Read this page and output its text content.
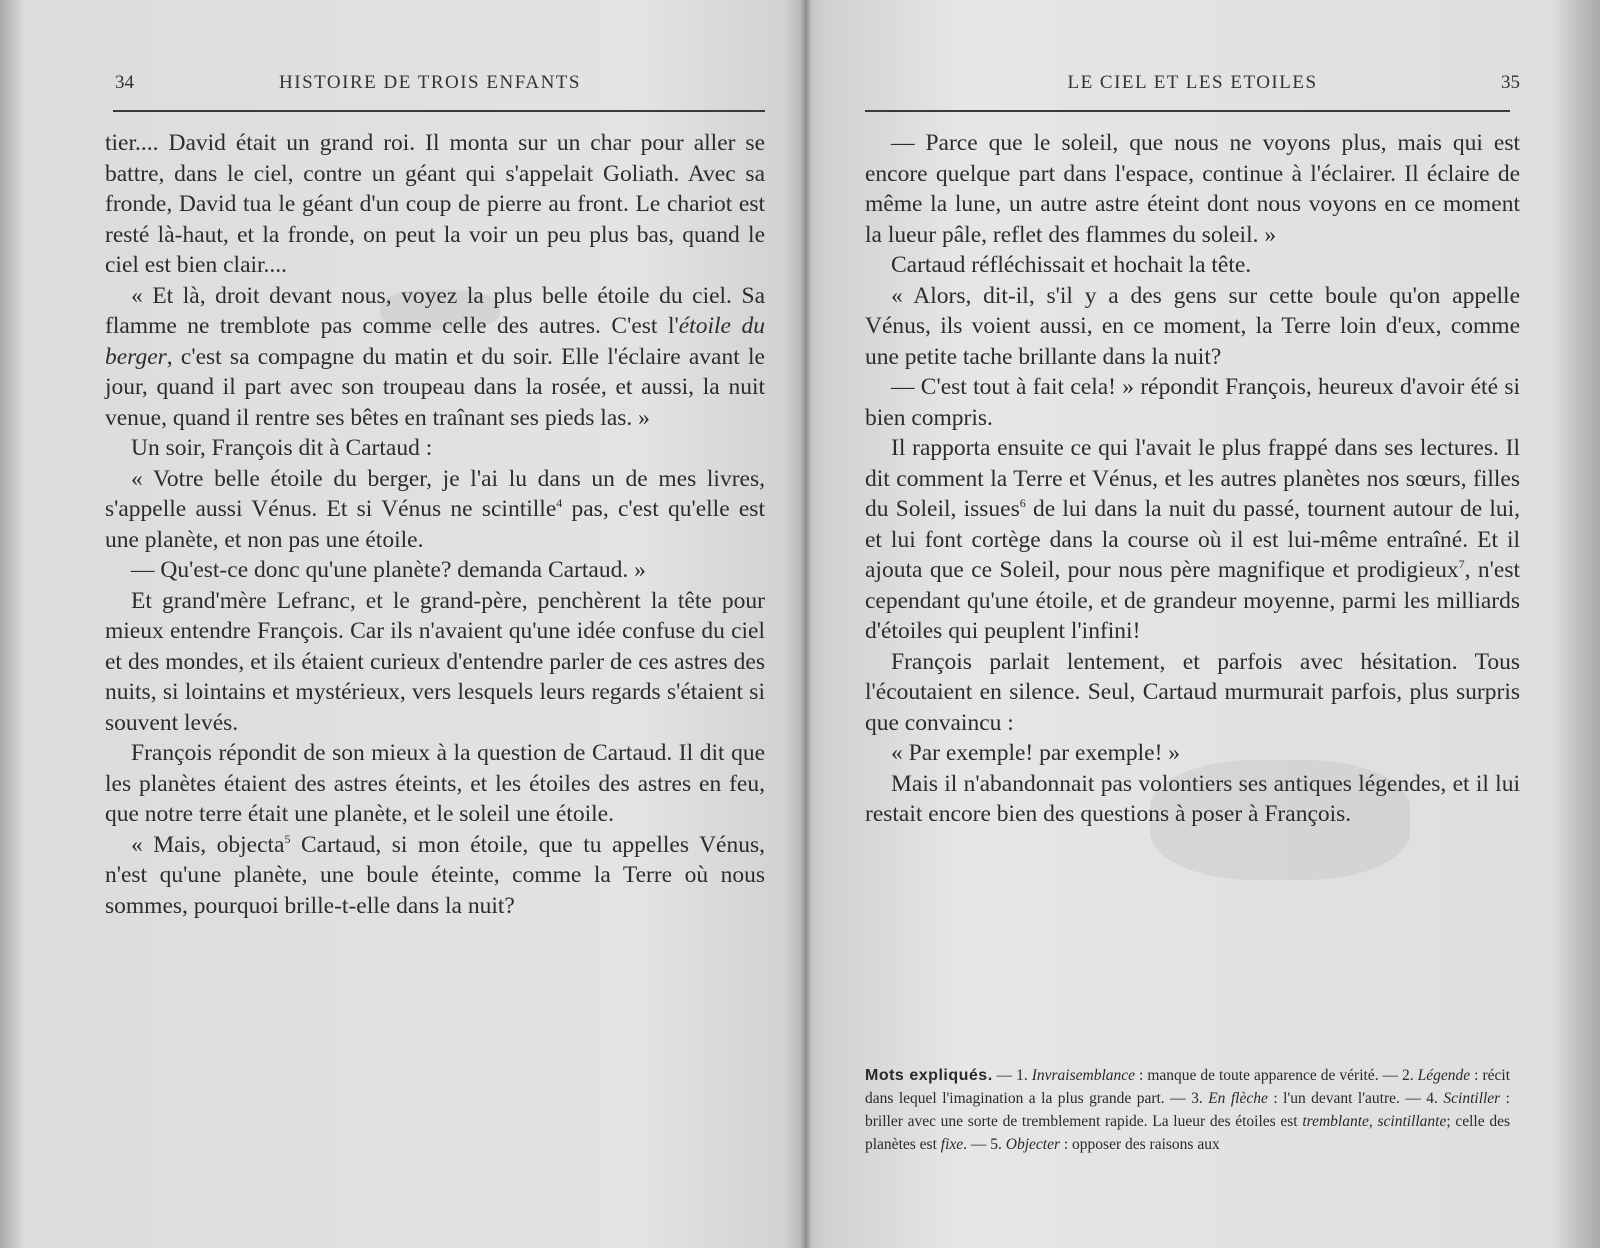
34	HISTOIRE DE TROIS ENFANTS

tier.... David était un grand roi. Il monta sur un char pour aller se battre, dans le ciel, contre un géant qui s'appelait Goliath. Avec sa fronde, David tua le géant d'un coup de pierre au front. Le chariot est resté là-haut, et la fronde, on peut la voir un peu plus bas, quand le ciel est bien clair....

« Et là, droit devant nous, voyez la plus belle étoile du ciel. Sa flamme ne tremblote pas comme celle des autres. C'est l'étoile du berger, c'est sa compagne du matin et du soir. Elle l'éclaire avant le jour, quand il part avec son troupeau dans la rosée, et aussi, la nuit venue, quand il rentre ses bêtes en traînant ses pieds las. »

Un soir, François dit à Cartaud :

« Votre belle étoile du berger, je l'ai lu dans un de mes livres, s'appelle aussi Vénus. Et si Vénus ne scintille$^4$ pas, c'est qu'elle est une planète, et non pas une étoile.

— Qu'est-ce donc qu'une planète? demanda Cartaud. »

Et grand'mère Lefranc, et le grand-père, penchèrent la tête pour mieux entendre François. Car ils n'avaient qu'une idée confuse du ciel et des mondes, et ils étaient curieux d'entendre parler de ces astres des nuits, si lointains et mystérieux, vers lesquels leurs regards s'étaient si souvent levés.

François répondit de son mieux à la question de Cartaud. Il dit que les planètes étaient des astres éteints, et les étoiles des astres en feu, que notre terre était une planète, et le soleil une étoile.

« Mais, objecta$^5$ Cartaud, si mon étoile, que tu appelles Vénus, n'est qu'une planète, une boule éteinte, comme la Terre où nous sommes, pourquoi brille-t-elle dans la nuit?

LE CIEL ET LES ETOILES	35

— Parce que le soleil, que nous ne voyons plus, mais qui est encore quelque part dans l'espace, continue à l'éclairer. Il éclaire de même la lune, un autre astre éteint dont nous voyons en ce moment la lueur pâle, reflet des flammes du soleil. »

Cartaud réfléchissait et hochait la tête.

« Alors, dit-il, s'il y a des gens sur cette boule qu'on appelle Vénus, ils voient aussi, en ce moment, la Terre loin d'eux, comme une petite tache brillante dans la nuit?

— C'est tout à fait cela! » répondit François, heureux d'avoir été si bien compris.

Il rapporta ensuite ce qui l'avait le plus frappé dans ses lectures. Il dit comment la Terre et Vénus, et les autres planètes nos sœurs, filles du Soleil, issues$^6$ de lui dans la nuit du passé, tournent autour de lui, et lui font cortège dans la course où il est lui-même entraîné. Et il ajouta que ce Soleil, pour nous père magnifique et prodigieux$^7$, n'est cependant qu'une étoile, et de grandeur moyenne, parmi les milliards d'étoiles qui peuplent l'infini!

François parlait lentement, et parfois avec hésitation. Tous l'écoutaient en silence. Seul, Cartaud murmurait parfois, plus surpris que convaincu :

« Par exemple! par exemple! »

Mais il n'abandonnait pas volontiers ses antiques légendes, et il lui restait encore bien des questions à poser à François.

Mots expliqués. — 1. Invraisemblance : manque de toute apparence de vérité. — 2. Légende : récit dans lequel l'imagination a la plus grande part. — 3. En flèche : l'un devant l'autre. — 4. Scintiller : briller avec une sorte de tremblement rapide. La lueur des étoiles est tremblante, scintillante; celle des planètes est fixe. — 5. Objecter : opposer des raisons aux
